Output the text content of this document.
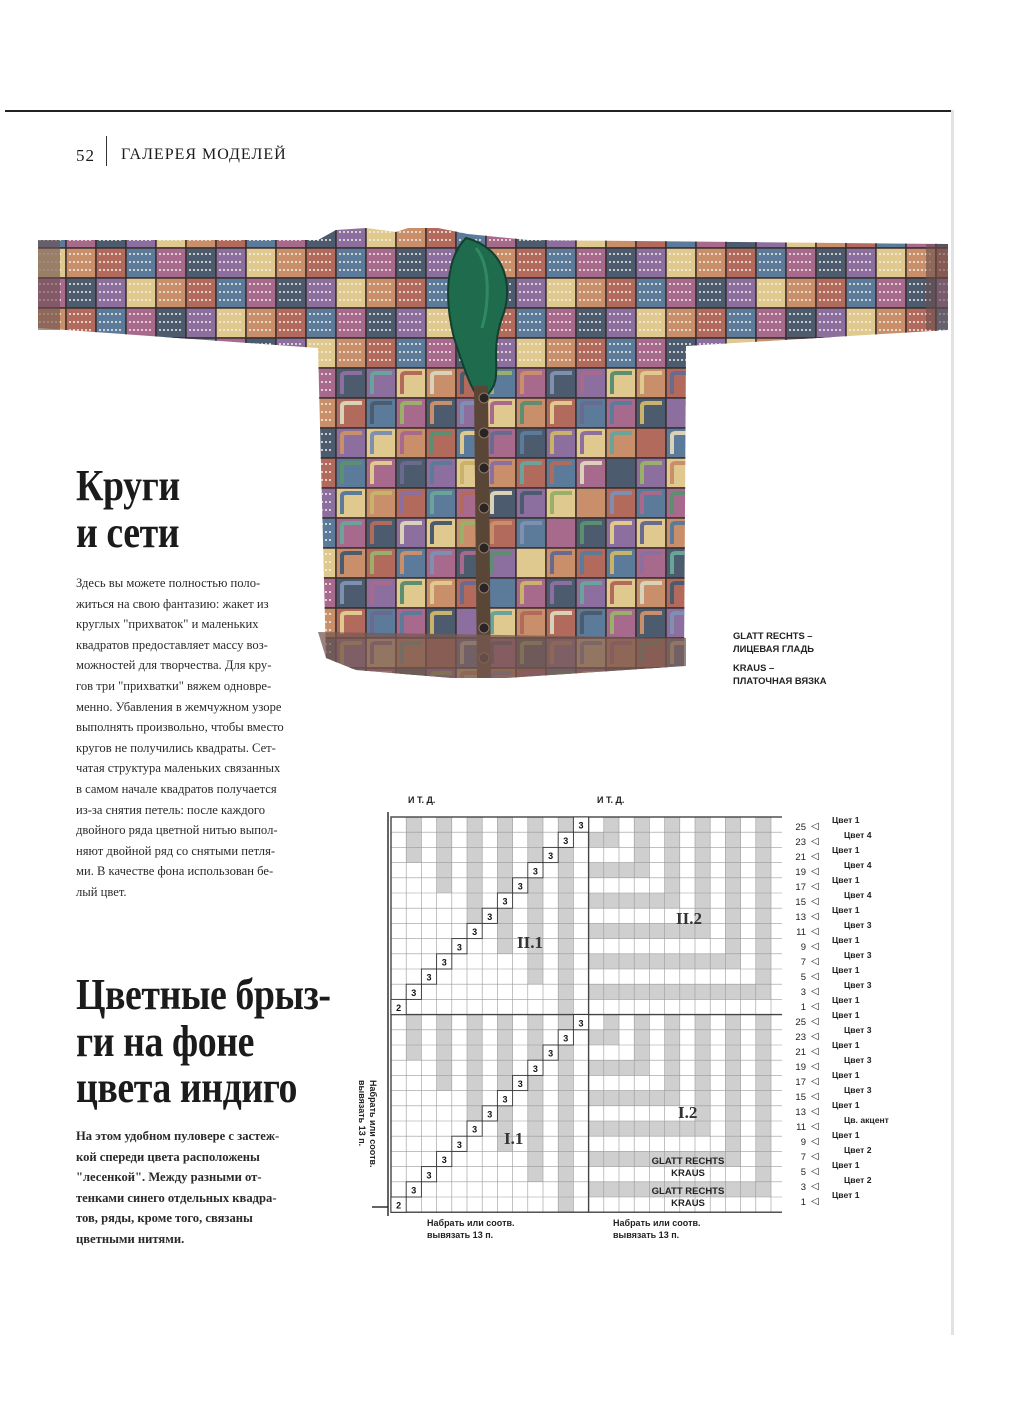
52 ГАЛЕРЕЯ МОДЕЛЕЙ
Круги
и сети
Здесь вы можете полностью поло-
житься на свою фантазию: жакет из
круглых "прихваток" и маленьких
квадратов предоставляет массу воз-
можностей для творчества. Для кру-
гов три "прихватки" вяжем одновре-
менно. Убавления в жемчужном узоре
выполнять произвольно, чтобы вместо
кругов не получились квадраты. Сет-
чатая структура маленьких связанных
в самом начале квадратов получается
из-за снятия петель: после каждого
двойного ряда цветной нитью выпол-
няют двойной ряд со снятыми петля-
ми. В качестве фона использован бе-
лый цвет.
Цветные брыз-
ги на фоне
цвета индиго
На этом удобном пуловере с застеж-
кой спереди цвета расположены
"лесенкой". Между разными от-
тенками синего отдельных квадра-
тов, ряды, кроме того, связаны
цветными нитями.
GLATT RECHTS –
ЛИЦЕВАЯ ГЛАДЬ
KRAUS –
ПЛАТОЧНАЯ ВЯЗКА
И Т. Д.	И Т. Д.
Набрать или соотв.
вывязать 13 п.
Набрать или соотв.
вывязать 13 п.
Набрать или соотв.
вывязать 13 п.
3
3
3
3
3
3
3
3
3
3
3
3
2
3
3
3
3
3
3
3
3
3
3
3
3
2
II.1
II.2
I.1
I.2
GLATT RECHTS
KRAUS
GLATT RECHTS
KRAUS
25 ◁
Цвет 1
23 ◁
Цвет 4
21 ◁
Цвет 1
19 ◁
Цвет 4
17 ◁
Цвет 1
15 ◁
Цвет 4
13 ◁
Цвет 1
11 ◁
Цвет 3
9 ◁
Цвет 1
7 ◁
Цвет 3
5 ◁
Цвет 1
3 ◁
Цвет 3
1 ◁
Цвет 1
25 ◁
Цвет 1
23 ◁
Цвет 3
21 ◁
Цвет 1
19 ◁
Цвет 3
17 ◁
Цвет 1
15 ◁
Цвет 3
13 ◁
Цвет 1
11 ◁
Цв. акцент
9 ◁
Цвет 1
7 ◁
Цвет 2
5 ◁
Цвет 1
3 ◁
Цвет 2
1 ◁
Цвет 1
